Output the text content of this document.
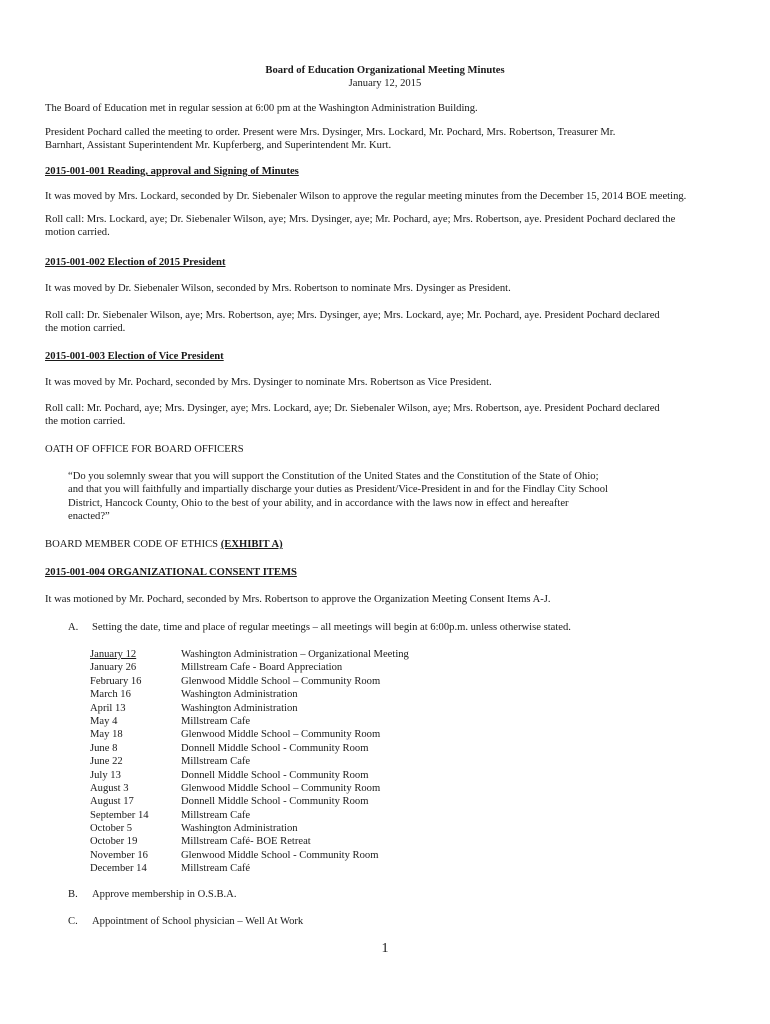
Board of Education Organizational Meeting Minutes

January 12, 2015

The Board of Education met in regular session at 6:00 pm at the Washington Administration Building.

President Pochard called the meeting to order. Present were Mrs. Dysinger, Mrs. Lockard, Mr. Pochard, Mrs. Robertson, Treasurer Mr.

Barnhart, Assistant Superintendent Mr. Kupferberg, and Superintendent Mr. Kurt.

2015-001-001 Reading, approval and Signing of Minutes

It was moved by Mrs. Lockard, seconded by Dr. Siebenaler Wilson to approve the regular meeting minutes from the December 15, 2014 BOE meeting.

Roll call: Mrs. Lockard, aye; Dr. Siebenaler Wilson, aye; Mrs. Dysinger, aye; Mr. Pochard, aye; Mrs. Robertson, aye. President Pochard declared the

motion carried.

2015-001-002 Election of 2015 President

It was moved by Dr. Siebenaler Wilson, seconded by Mrs. Robertson to nominate Mrs. Dysinger as President.

Roll call: Dr. Siebenaler Wilson, aye; Mrs. Robertson, aye; Mrs. Dysinger, aye; Mrs. Lockard, aye; Mr. Pochard, aye. President Pochard declared

the motion carried.

2015-001-003 Election of Vice President

It was moved by Mr. Pochard, seconded by Mrs. Dysinger to nominate Mrs. Robertson as Vice President.

Roll call: Mr. Pochard, aye; Mrs. Dysinger, aye; Mrs. Lockard, aye; Dr. Siebenaler Wilson, aye; Mrs. Robertson, aye. President Pochard declared

the motion carried.

OATH OF OFFICE FOR BOARD OFFICERS

“Do you solemnly swear that you will support the Constitution of the United States and the Constitution of the State of Ohio;
and that you will faithfully and impartially discharge your duties as President/Vice-President in and for the Findlay City School
District, Hancock County, Ohio to the best of your ability, and in accordance with the laws now in effect and hereafter
enacted?”

BOARD MEMBER CODE OF ETHICS (EXHIBIT A)

2015-001-004 ORGANIZATIONAL CONSENT ITEMS

It was motioned by Mr. Pochard, seconded by Mrs. Robertson to approve the Organization Meeting Consent Items A-J.

A. Setting the date, time and place of regular meetings – all meetings will begin at 6:00p.m. unless otherwise stated.

January 12	Washington Administration – Organizational Meeting
January 26	Millstream Cafe - Board Appreciation
February 16	Glenwood Middle School – Community Room
March 16	Washington Administration
April 13	Washington Administration
May 4	Millstream Cafe
May 18	Glenwood Middle School – Community Room
June 8	Donnell Middle School - Community Room
June 22	Millstream Cafe
July 13	Donnell Middle School - Community Room
August 3	Glenwood Middle School – Community Room
August 17	Donnell Middle School - Community Room
September 14	Millstream Cafe
October 5	Washington Administration
October 19	Millstream Café- BOE Retreat
November 16	Glenwood Middle School - Community Room
December 14	Millstream Café

B. Approve membership in O.S.B.A.

C. Appointment of School physician – Well At Work

1
